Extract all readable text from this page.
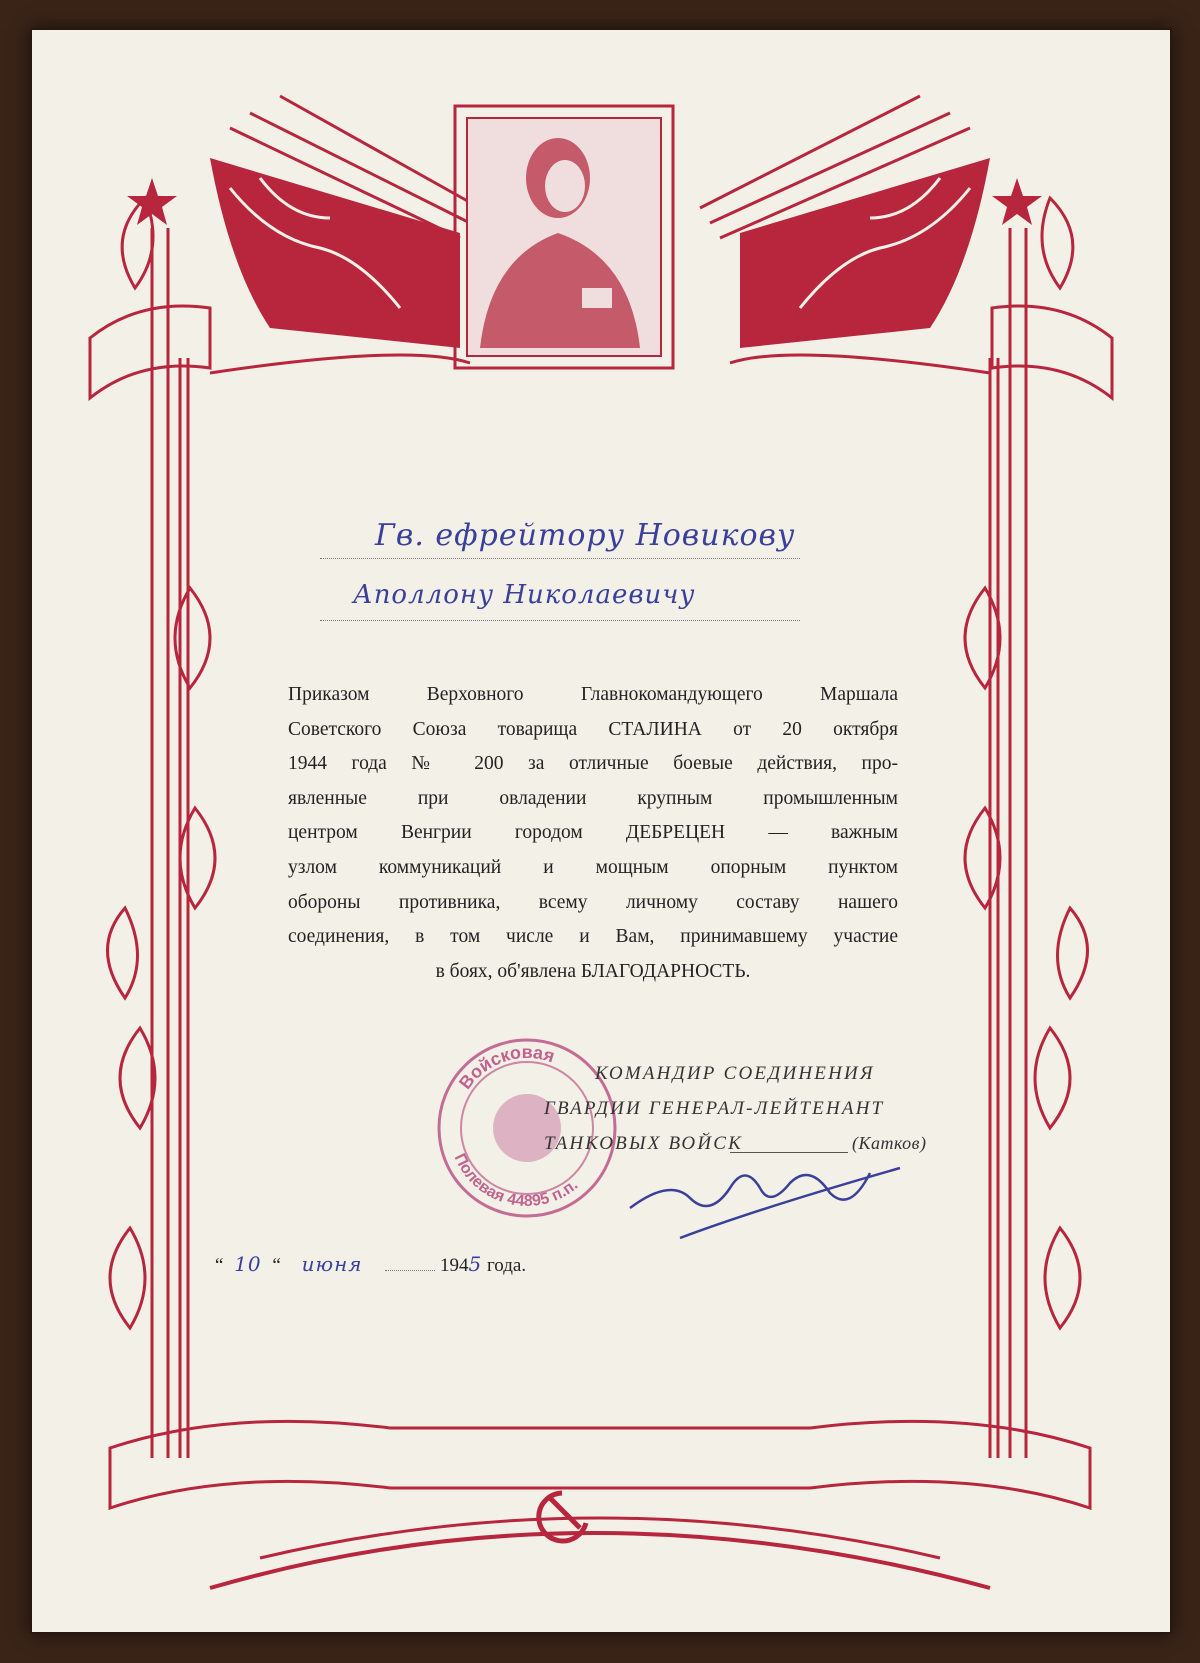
Гв. ефрейтору Новикову
Аполлону Николаевичу
Приказом Верховного Главнокомандующего Маршала
Советского Союза товарища СТАЛИНА от 20 октября
1944 года № 200 за отличные боевые действия, про-
явленные при овладении крупным промышленным
центром Венгрии городом ДЕБРЕЦЕН — важным
узлом коммуникаций и мощным опорным пунктом
обороны противника, всему личному составу нашего
соединения, в том числе и Вам, принимавшему участие
в боях, об'явлена БЛАГОДАРНОСТЬ.
Войсковая
Полевая 44895 п.п.
КОМАНДИР СОЕДИНЕНИЯ
ГВАРДИИ ГЕНЕРАЛ-ЛЕЙТЕНАНТ
ТАНКОВЫХ ВОЙСК	(Катков)
“ 10 “ июня	1945 года.
